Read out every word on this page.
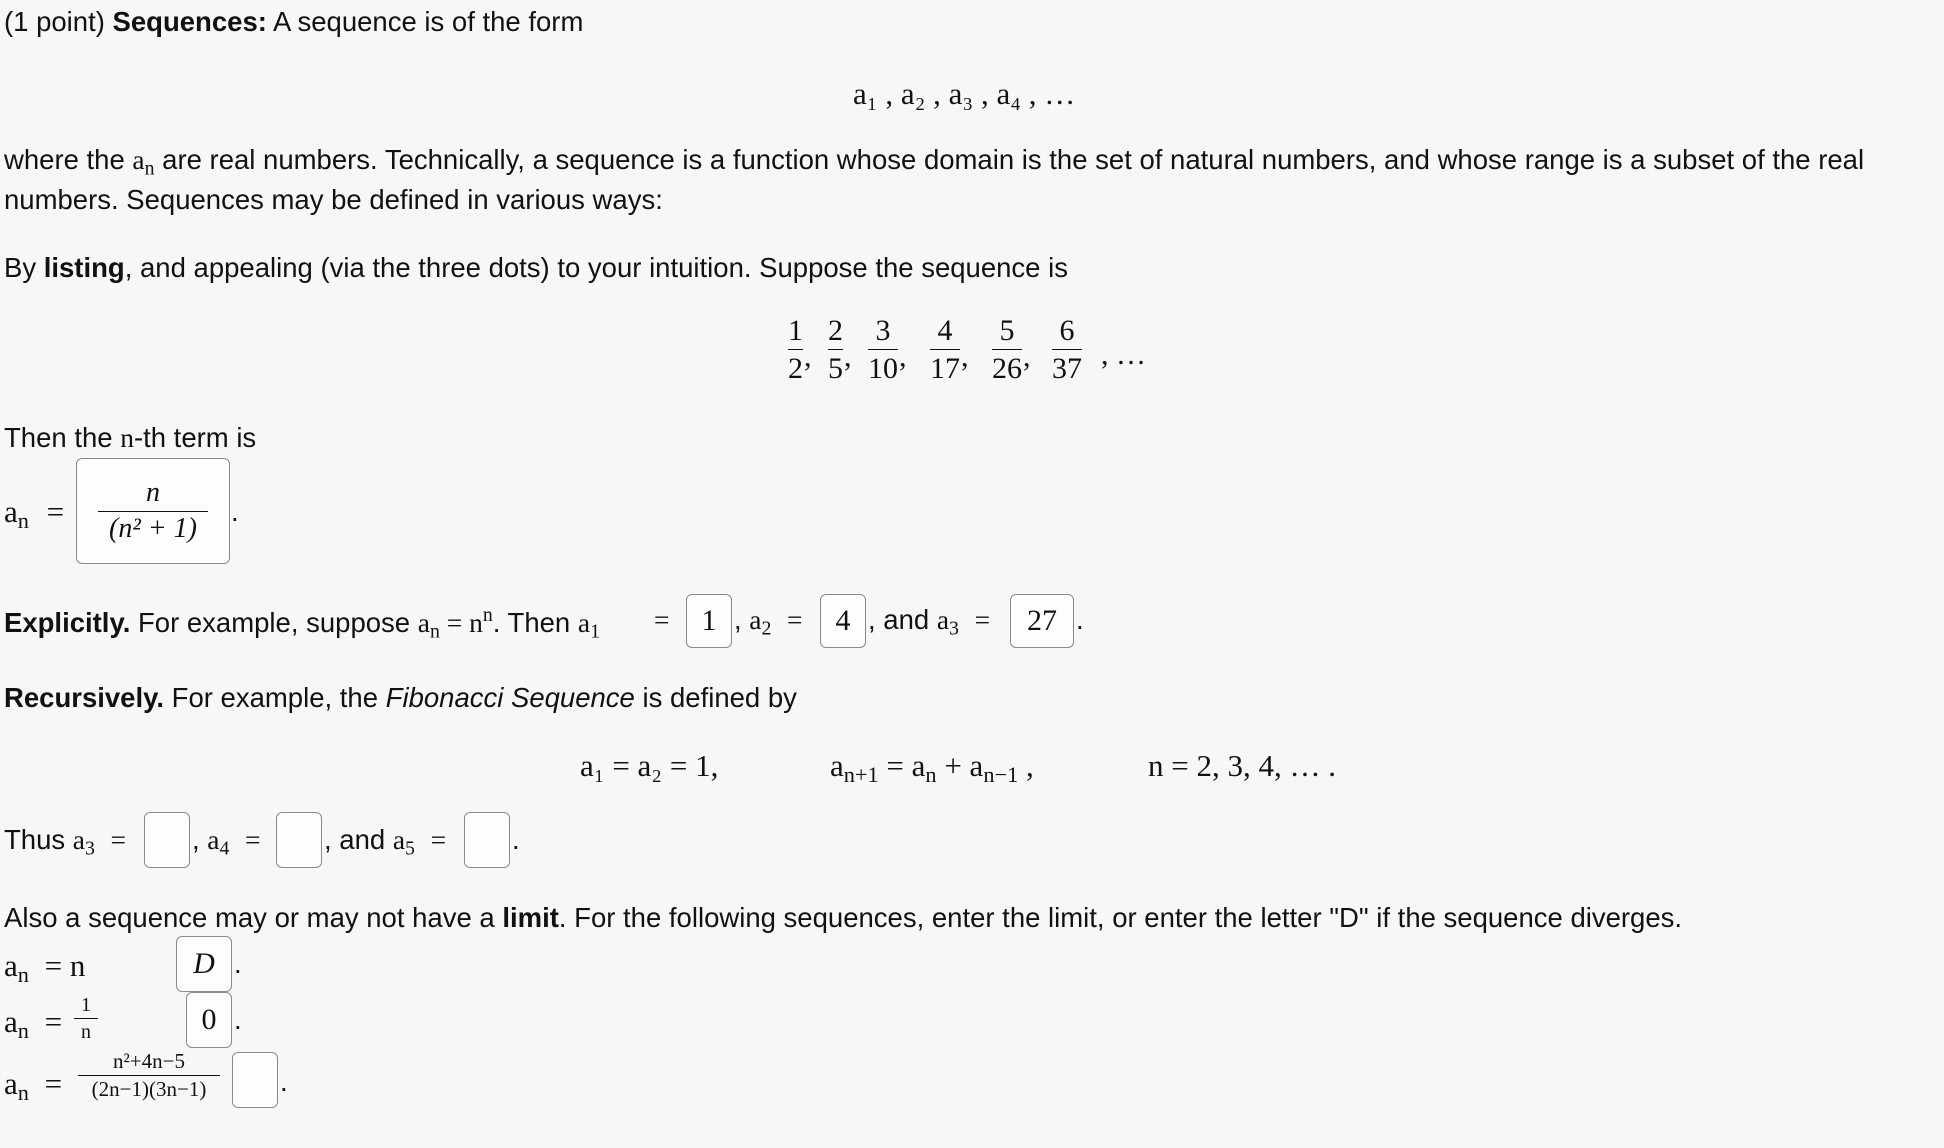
(1 point) Sequences: A sequence is of the form
a₁ , a₂ , a₃ , a₄ , …
where the $a_n$ are real numbers. Technically, a sequence is a function whose domain is the set of natural numbers, and whose range is a subset of the real
numbers. Sequences may be defined in various ways:
By listing, and appealing (via the three dots) to your intuition. Suppose the sequence is
1
2 ,
2
5 ,
3
10 ,
4
17 ,
5
26 ,
6
37 , …
Then the n-th term is
$a_n = \frac{n}{\text{(n² + 1)}}$ .
Explicitly. For example, suppose $a_n = n^n$. Then $a_1$ =	1 , $a_2$ =	4 , and $a_3$ =	27 .
Recursively. For example, the Fibonacci Sequence is defined by
a₁ = a₂ = 1,	$a_{n+1} = a_n + a_{n-1}$ ,	n = 2, 3, 4, … .
Thus $a_3$ = , $a_4$ = , and $a_5$ = .
Also a sequence may or may not have a limit. For the following sequences, enter the limit, or enter the letter "D" if the sequence diverges.
$a_n = n$	D .
$a_n = 1$
n	0 .
$a_n$ =
n²+4n−5
(2n−1)(3n−1)	.
